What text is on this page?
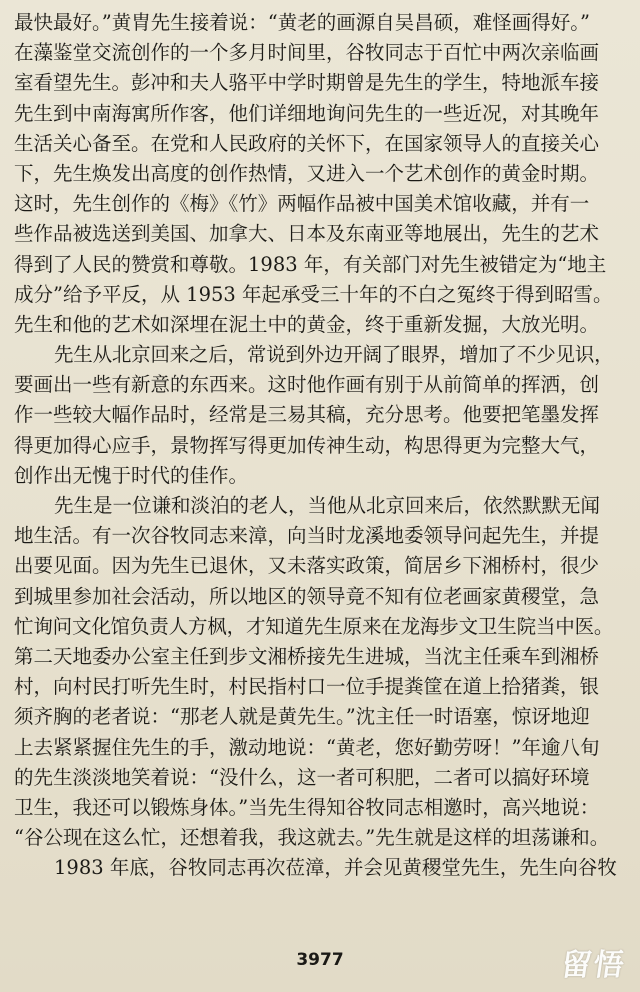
最快最好。”黄胄先生接着说：“黄老的画源自吴昌硕，难怪画得好。”
在藻鉴堂交流创作的一个多月时间里，谷牧同志于百忙中两次亲临画
室看望先生。彭冲和夫人骆平中学时期曾是先生的学生，特地派车接
先生到中南海寓所作客，他们详细地询问先生的一些近况，对其晚年
生活关心备至。在党和人民政府的关怀下，在国家领导人的直接关心
下，先生焕发出高度的创作热情，又进入一个艺术创作的黄金时期。
这时，先生创作的《梅》《竹》两幅作品被中国美术馆收藏，并有一
些作品被选送到美国、加拿大、日本及东南亚等地展出，先生的艺术
得到了人民的赞赏和尊敬。1983 年，有关部门对先生被错定为“地主
成分”给予平反，从 1953 年起承受三十年的不白之冤终于得到昭雪。
先生和他的艺术如深埋在泥土中的黄金，终于重新发掘，大放光明。
先生从北京回来之后，常说到外边开阔了眼界，增加了不少见识，
要画出一些有新意的东西来。这时他作画有别于从前简单的挥洒，创
作一些较大幅作品时，经常是三易其稿，充分思考。他要把笔墨发挥
得更加得心应手，景物挥写得更加传神生动，构思得更为完整大气，
创作出无愧于时代的佳作。
先生是一位谦和淡泊的老人，当他从北京回来后，依然默默无闻
地生活。有一次谷牧同志来漳，向当时龙溪地委领导问起先生，并提
出要见面。因为先生已退休，又未落实政策，简居乡下湘桥村，很少
到城里参加社会活动，所以地区的领导竟不知有位老画家黄稷堂，急
忙询问文化馆负责人方枫，才知道先生原来在龙海步文卫生院当中医。
第二天地委办公室主任到步文湘桥接先生进城，当沈主任乘车到湘桥
村，向村民打听先生时，村民指村口一位手提粪筐在道上拾猪粪，银
须齐胸的老者说：“那老人就是黄先生。”沈主任一时语塞，惊讶地迎
上去紧紧握住先生的手，激动地说：“黄老，您好勤劳呀！”年逾八旬
的先生淡淡地笑着说：“没什么，这一者可积肥，二者可以搞好环境
卫生，我还可以锻炼身体。”当先生得知谷牧同志相邀时，高兴地说：
“谷公现在这么忙，还想着我，我这就去。”先生就是这样的坦荡谦和。
1983 年底，谷牧同志再次莅漳，并会见黄稷堂先生，先生向谷牧
3977	留悟
